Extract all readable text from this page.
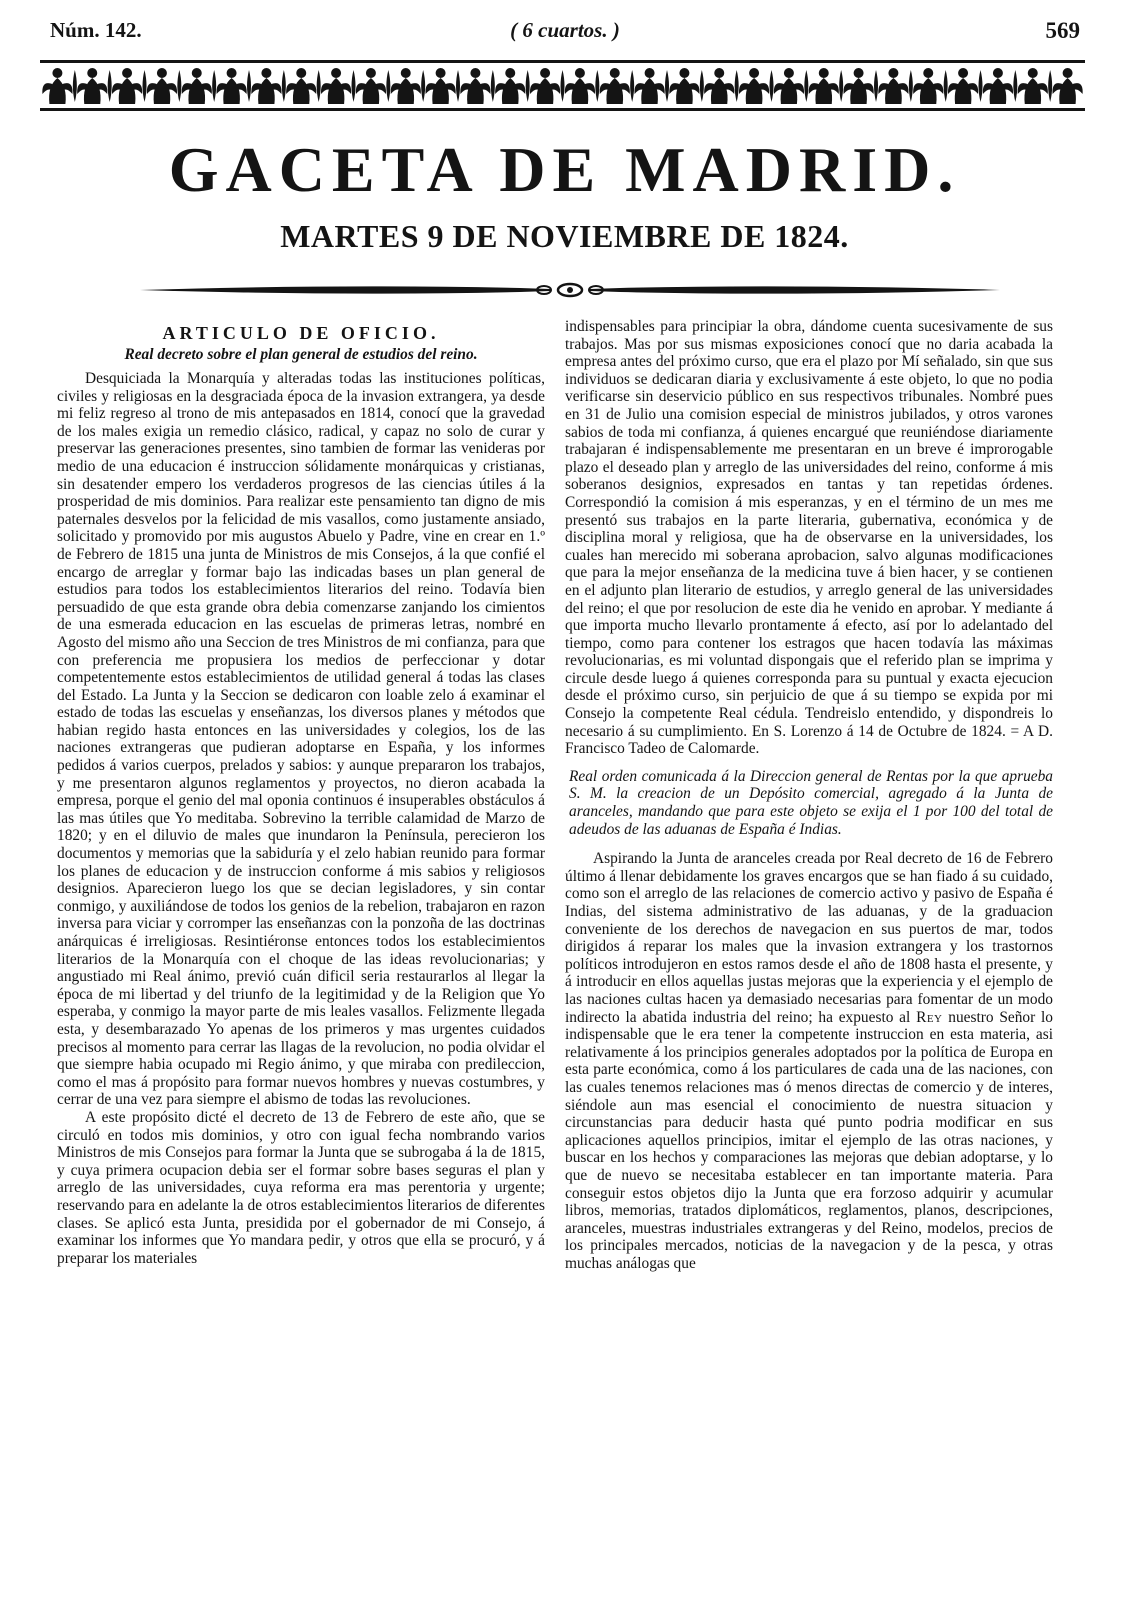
Núm. 142.	( 6 cuartos. )	569
GACETA DE MADRID.
MARTES 9 DE NOVIEMBRE DE 1824.
ARTICULO DE OFICIO.
Real decreto sobre el plan general de estudios del reino.

Desquiciada la Monarquía y alteradas todas las instituciones políticas, civiles y religiosas en la desgraciada época de la invasion extrangera, ya desde mi feliz regreso al trono de mis antepasados en 1814, conocí que la gravedad de los males exigia un remedio clásico, radical, y capaz no solo de curar y preservar las generaciones presentes, sino tambien de formar las venideras por medio de una educacion é instruccion sólidamente monárquicas y cristianas, sin desatender empero los verdaderos progresos de las ciencias útiles á la prosperidad de mis dominios. Para realizar este pensamiento tan digno de mis paternales desvelos por la felicidad de mis vasallos, como justamente ansiado, solicitado y promovido por mis augustos Abuelo y Padre, vine en crear en 1.º de Febrero de 1815 una junta de Ministros de mis Consejos, á la que confié el encargo de arreglar y formar bajo las indicadas bases un plan general de estudios para todos los establecimientos literarios del reino. Todavía bien persuadido de que esta grande obra debia comenzarse zanjando los cimientos de una esmerada educacion en las escuelas de primeras letras, nombré en Agosto del mismo año una Seccion de tres Ministros de mi confianza, para que con preferencia me propusiera los medios de perfeccionar y dotar competentemente estos establecimientos de utilidad general á todas las clases del Estado. La Junta y la Seccion se dedicaron con loable zelo á examinar el estado de todas las escuelas y enseñanzas, los diversos planes y métodos que habian regido hasta entonces en las universidades y colegios, los de las naciones extrangeras que pudieran adoptarse en España, y los informes pedidos á varios cuerpos, prelados y sabios: y aunque prepararon los trabajos, y me presentaron algunos reglamentos y proyectos, no dieron acabada la empresa, porque el genio del mal oponia continuos é insuperables obstáculos á las mas útiles que Yo meditaba. Sobrevino la terrible calamidad de Marzo de 1820; y en el diluvio de males que inundaron la Península, perecieron los documentos y memorias que la sabiduría y el zelo habian reunido para formar los planes de educacion y de instruccion conforme á mis sabios y religiosos designios. Aparecieron luego los que se decian legisladores, y sin contar conmigo, y auxiliándose de todos los genios de la rebelion, trabajaron en razon inversa para viciar y corromper las enseñanzas con la ponzoña de las doctrinas anárquicas é irreligiosas. Resintiéronse entonces todos los establecimientos literarios de la Monarquía con el choque de las ideas revolucionarias; y angustiado mi Real ánimo, previó cuán dificil seria restaurarlos al llegar la época de mi libertad y del triunfo de la legitimidad y de la Religion que Yo esperaba, y conmigo la mayor parte de mis leales vasallos. Felizmente llegada esta, y desembarazado Yo apenas de los primeros y mas urgentes cuidados precisos al momento para cerrar las llagas de la revolucion, no podia olvidar el que siempre habia ocupado mi Regio ánimo, y que miraba con predileccion, como el mas á propósito para formar nuevos hombres y nuevas costumbres, y cerrar de una vez para siempre el abismo de todas las revoluciones.

A este propósito dicté el decreto de 13 de Febrero de este año, que se circuló en todos mis dominios, y otro con igual fecha nombrando varios Ministros de mis Consejos para formar la Junta que se subrogaba á la de 1815, y cuya primera ocupacion debia ser el formar sobre bases seguras el plan y arreglo de las universidades, cuya reforma era mas perentoria y urgente; reservando para en adelante la de otros establecimientos literarios de diferentes clases. Se aplicó esta Junta, presidida por el gobernador de mi Consejo, á examinar los informes que Yo mandara pedir, y otros que ella se procuró, y á preparar los materiales

indispensables para principiar la obra, dándome cuenta sucesivamente de sus trabajos. Mas por sus mismas exposiciones conocí que no daria acabada la empresa antes del próximo curso, que era el plazo por Mí señalado, sin que sus individuos se dedicaran diaria y exclusivamente á este objeto, lo que no podia verificarse sin deservicio público en sus respectivos tribunales. Nombré pues en 31 de Julio una comision especial de ministros jubilados, y otros varones sabios de toda mi confianza, á quienes encargué que reuniéndose diariamente trabajaran é indispensablemente me presentaran en un breve é improrogable plazo el deseado plan y arreglo de las universidades del reino, conforme á mis soberanos designios, expresados en tantas y tan repetidas órdenes. Correspondió la comision á mis esperanzas, y en el término de un mes me presentó sus trabajos en la parte literaria, gubernativa, económica y de disciplina moral y religiosa, que ha de observarse en la universidades, los cuales han merecido mi soberana aprobacion, salvo algunas modificaciones que para la mejor enseñanza de la medicina tuve á bien hacer, y se contienen en el adjunto plan literario de estudios, y arreglo general de las universidades del reino; el que por resolucion de este dia he venido en aprobar. Y mediante á que importa mucho llevarlo prontamente á efecto, así por lo adelantado del tiempo, como para contener los estragos que hacen todavía las máximas revolucionarias, es mi voluntad dispongais que el referido plan se imprima y circule desde luego á quienes corresponda para su puntual y exacta ejecucion desde el próximo curso, sin perjuicio de que á su tiempo se expida por mi Consejo la competente Real cédula. Tendreislo entendido, y dispondreis lo necesario á su cumplimiento. En S. Lorenzo á 14 de Octubre de 1824. = A D. Francisco Tadeo de Calomarde.

Real orden comunicada á la Direccion general de Rentas por la que aprueba S. M. la creacion de un Depósito comercial, agregado á la Junta de aranceles, mandando que para este objeto se exija el 1 por 100 del total de adeudos de las aduanas de España é Indias.

Aspirando la Junta de aranceles creada por Real decreto de 16 de Febrero último á llenar debidamente los graves encargos que se han fiado á su cuidado, como son el arreglo de las relaciones de comercio activo y pasivo de España é Indias, del sistema administrativo de las aduanas, y de la graduacion conveniente de los derechos de navegacion en sus puertos de mar, todos dirigidos á reparar los males que la invasion extrangera y los trastornos políticos introdujeron en estos ramos desde el año de 1808 hasta el presente, y á introducir en ellos aquellas justas mejoras que la experiencia y el ejemplo de las naciones cultas hacen ya demasiado necesarias para fomentar de un modo indirecto la abatida industria del reino; ha expuesto al Rey nuestro Señor lo indispensable que le era tener la competente instruccion en esta materia, asi relativamente á los principios generales adoptados por la política de Europa en esta parte económica, como á los particulares de cada una de las naciones, con las cuales tenemos relaciones mas ó menos directas de comercio y de interes, siéndole aun mas esencial el conocimiento de nuestra situacion y circunstancias para deducir hasta qué punto podria modificar en sus aplicaciones aquellos principios, imitar el ejemplo de las otras naciones, y buscar en los hechos y comparaciones las mejoras que debian adoptarse, y lo que de nuevo se necesitaba establecer en tan importante materia. Para conseguir estos objetos dijo la Junta que era forzoso adquirir y acumular libros, memorias, tratados diplomáticos, reglamentos, planos, descripciones, aranceles, muestras industriales extrangeras y del Reino, modelos, precios de los principales mercados, noticias de la navegacion y de la pesca, y otras muchas análogas que
